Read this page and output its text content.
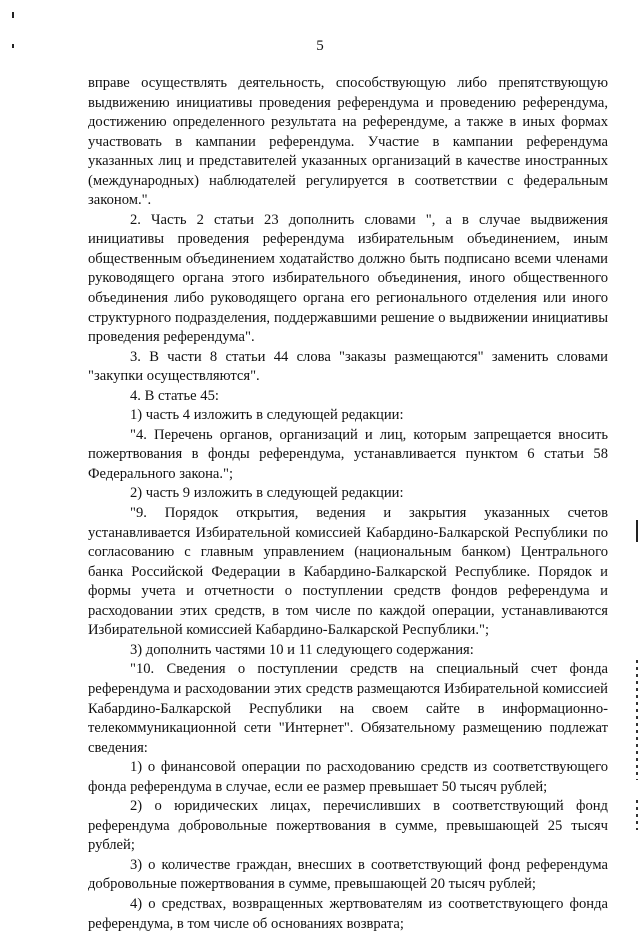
5

вправе осуществлять деятельность, способствующую либо препятствующую выдвижению инициативы проведения референдума и проведению референдума, достижению определенного результата на референдуме, а также в иных формах участвовать в кампании референдума. Участие в кампании референдума указанных лиц и представителей указанных организаций в качестве иностранных (международных) наблюдателей регулируется в соответствии с федеральным законом.".

2. Часть 2 статьи 23 дополнить словами ", а в случае выдвижения инициативы проведения референдума избирательным объединением, иным общественным объединением ходатайство должно быть подписано всеми членами руководящего органа этого избирательного объединения, иного общественного объединения либо руководящего органа его регионального отделения или иного структурного подразделения, поддержавшими решение о выдвижении инициативы проведения референдума".

3. В части 8 статьи 44 слова "заказы размещаются" заменить словами "закупки осуществляются".

4. В статье 45:

1) часть 4 изложить в следующей редакции:

"4. Перечень органов, организаций и лиц, которым запрещается вносить пожертвования в фонды референдума, устанавливается пунктом 6 статьи 58 Федерального закона.";

2) часть 9 изложить в следующей редакции:

"9. Порядок открытия, ведения и закрытия указанных счетов устанавливается Избирательной комиссией Кабардино-Балкарской Республики по согласованию с главным управлением (национальным банком) Центрального банка Российской Федерации в Кабардино-Балкарской Республике. Порядок и формы учета и отчетности о поступлении средств фондов референдума и расходовании этих средств, в том числе по каждой операции, устанавливаются Избирательной комиссией Кабардино-Балкарской Республики.";

3) дополнить частями 10 и 11 следующего содержания:

"10. Сведения о поступлении средств на специальный счет фонда референдума и расходовании этих средств размещаются Избирательной комиссией Кабардино-Балкарской Республики на своем сайте в информационно-телекоммуникационной сети "Интернет". Обязательному размещению подлежат сведения:

1) о финансовой операции по расходованию средств из соответствующего фонда референдума в случае, если ее размер превышает 50 тысяч рублей;

2) о юридических лицах, перечисливших в соответствующий фонд референдума добровольные пожертвования в сумме, превышающей 25 тысяч рублей;

3) о количестве граждан, внесших в соответствующий фонд референдума добровольные пожертвования в сумме, превышающей 20 тысяч рублей;

4) о средствах, возвращенных жертвователям из соответствующего фонда референдума, в том числе об основаниях возврата;
